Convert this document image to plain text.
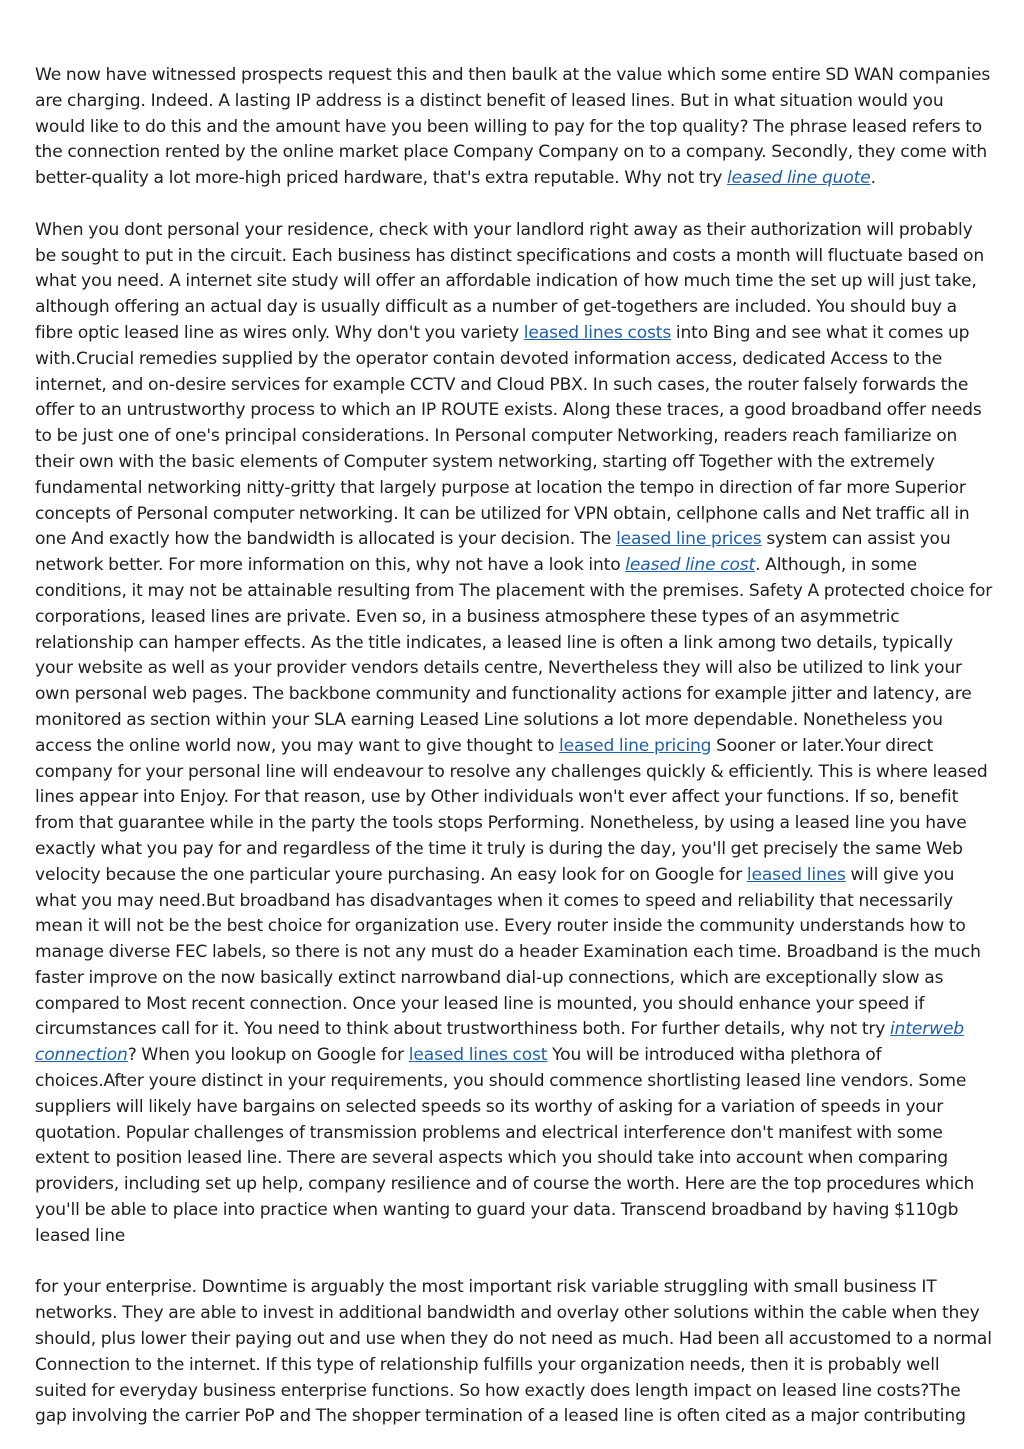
We now have witnessed prospects request this and then baulk at the value which some entire SD WAN companies are charging. Indeed. A lasting IP address is a distinct benefit of leased lines. But in what situation would you would like to do this and the amount have you been willing to pay for the top quality? The phrase leased refers to the connection rented by the online market place Company Company on to a company. Secondly, they come with better-quality a lot more-high priced hardware, that's extra reputable. Why not try leased line quote.

When you dont personal your residence, check with your landlord right away as their authorization will probably be sought to put in the circuit. Each business has distinct specifications and costs a month will fluctuate based on what you need. A internet site study will offer an affordable indication of how much time the set up will just take, although offering an actual day is usually difficult as a number of get-togethers are included. You should buy a fibre optic leased line as wires only. Why don't you variety leased lines costs into Bing and see what it comes up with.Crucial remedies supplied by the operator contain devoted information access, dedicated Access to the internet, and on-desire services for example CCTV and Cloud PBX. In such cases, the router falsely forwards the offer to an untrustworthy process to which an IP ROUTE exists. Along these traces, a good broadband offer needs to be just one of one's principal considerations. In Personal computer Networking, readers reach familiarize on their own with the basic elements of Computer system networking, starting off Together with the extremely fundamental networking nitty-gritty that largely purpose at location the tempo in direction of far more Superior concepts of Personal computer networking. It can be utilized for VPN obtain, cellphone calls and Net traffic all in one And exactly how the bandwidth is allocated is your decision. The leased line prices system can assist you network better. For more information on this, why not have a look into leased line cost. Although, in some conditions, it may not be attainable resulting from The placement with the premises. Safety A protected choice for corporations, leased lines are private. Even so, in a business atmosphere these types of an asymmetric relationship can hamper effects. As the title indicates, a leased line is often a link among two details, typically your website as well as your provider vendors details centre, Nevertheless they will also be utilized to link your own personal web pages. The backbone community and functionality actions for example jitter and latency, are monitored as section within your SLA earning Leased Line solutions a lot more dependable. Nonetheless you access the online world now, you may want to give thought to leased line pricing Sooner or later.Your direct company for your personal line will endeavour to resolve any challenges quickly & efficiently. This is where leased lines appear into Enjoy. For that reason, use by Other individuals won't ever affect your functions. If so, benefit from that guarantee while in the party the tools stops Performing. Nonetheless, by using a leased line you have exactly what you pay for and regardless of the time it truly is during the day, you'll get precisely the same Web velocity because the one particular youre purchasing. An easy look for on Google for leased lines will give you what you may need.But broadband has disadvantages when it comes to speed and reliability that necessarily mean it will not be the best choice for organization use. Every router inside the community understands how to manage diverse FEC labels, so there is not any must do a header Examination each time. Broadband is the much faster improve on the now basically extinct narrowband dial-up connections, which are exceptionally slow as compared to Most recent connection. Once your leased line is mounted, you should enhance your speed if circumstances call for it. You need to think about trustworthiness both. For further details, why not try interweb connection? When you lookup on Google for leased lines cost You will be introduced witha plethora of choices.After youre distinct in your requirements, you should commence shortlisting leased line vendors. Some suppliers will likely have bargains on selected speeds so its worthy of asking for a variation of speeds in your quotation. Popular challenges of transmission problems and electrical interference don't manifest with some extent to position leased line. There are several aspects which you should take into account when comparing providers, including set up help, company resilience and of course the worth. Here are the top procedures which you'll be able to place into practice when wanting to guard your data. Transcend broadband by having $110gb leased line

for your enterprise. Downtime is arguably the most important risk variable struggling with small business IT networks. They are able to invest in additional bandwidth and overlay other solutions within the cable when they should, plus lower their paying out and use when they do not need as much. Had been all accustomed to a normal Connection to the internet. If this type of relationship fulfills your organization needs, then it is probably well suited for everyday business enterprise functions. So how exactly does length impact on leased line costs?The gap involving the carrier PoP and The shopper termination of a leased line is often cited as a major contributing
